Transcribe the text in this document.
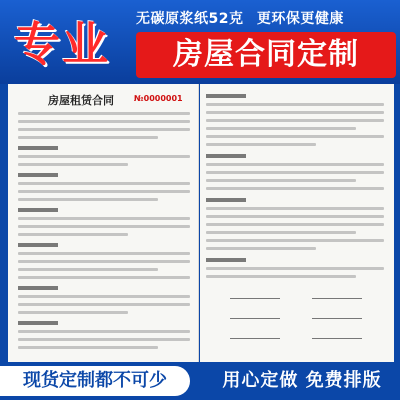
无碳原浆纸52克 更环保更健康
专业	房屋合同定制
房屋租赁合同	№0000001
现货定制都不可少	用心定做 免费排版
